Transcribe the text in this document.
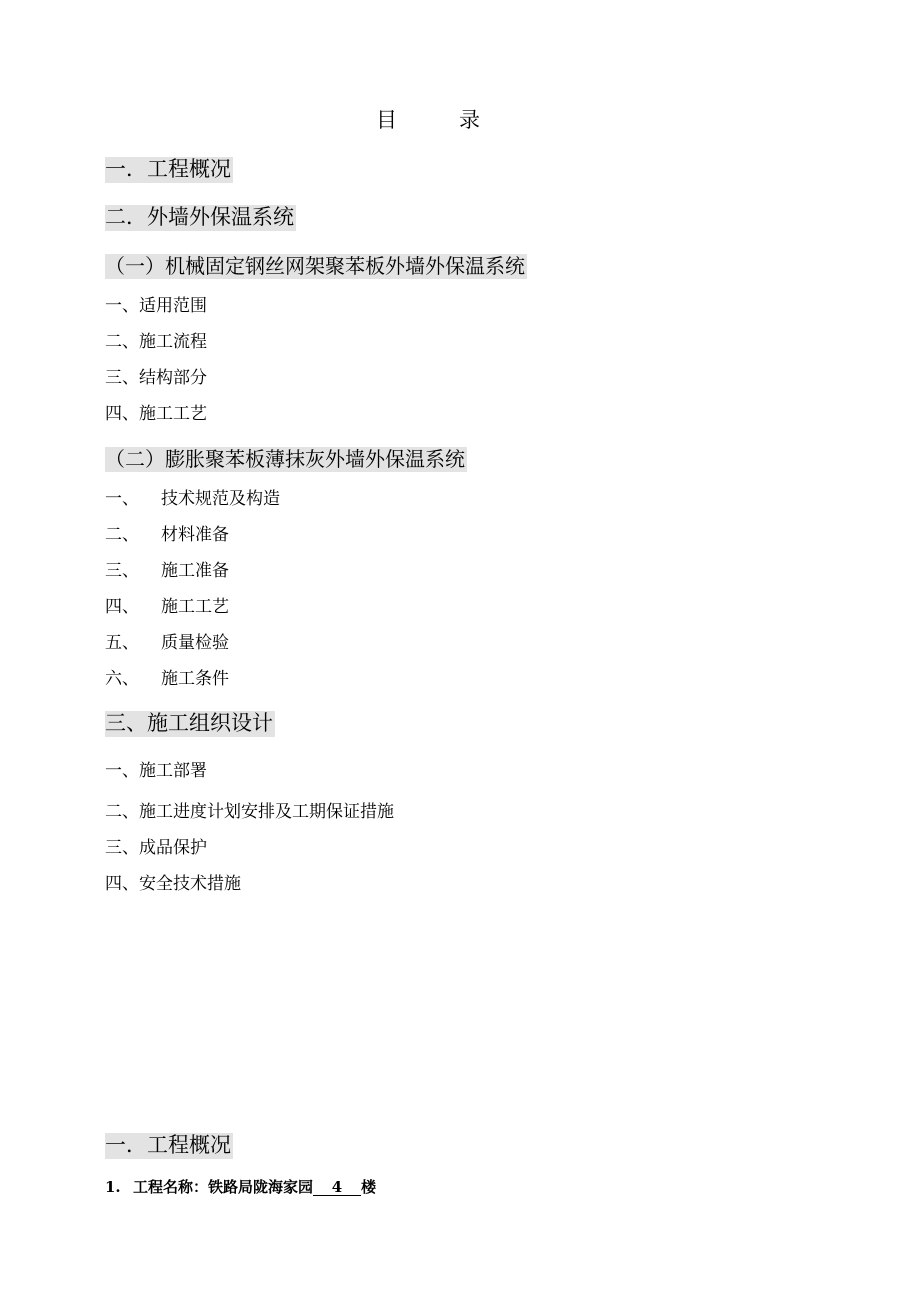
目	录
一．工程概况
二．外墙外保温系统
（一）机械固定钢丝网架聚苯板外墙外保温系统
一、适用范围
二、施工流程
三、结构部分
四、施工工艺
（二）膨胀聚苯板薄抹灰外墙外保温系统
一、 技术规范及构造
二、 材料准备
三、 施工准备
四、 施工工艺
五、 质量检验
六、 施工条件
三、施工组织设计
一、施工部署
二、施工进度计划安排及工期保证措施
三、成品保护
四、安全技术措施
一．工程概况
1. 工程名称：铁路局陇海家园 4 楼
